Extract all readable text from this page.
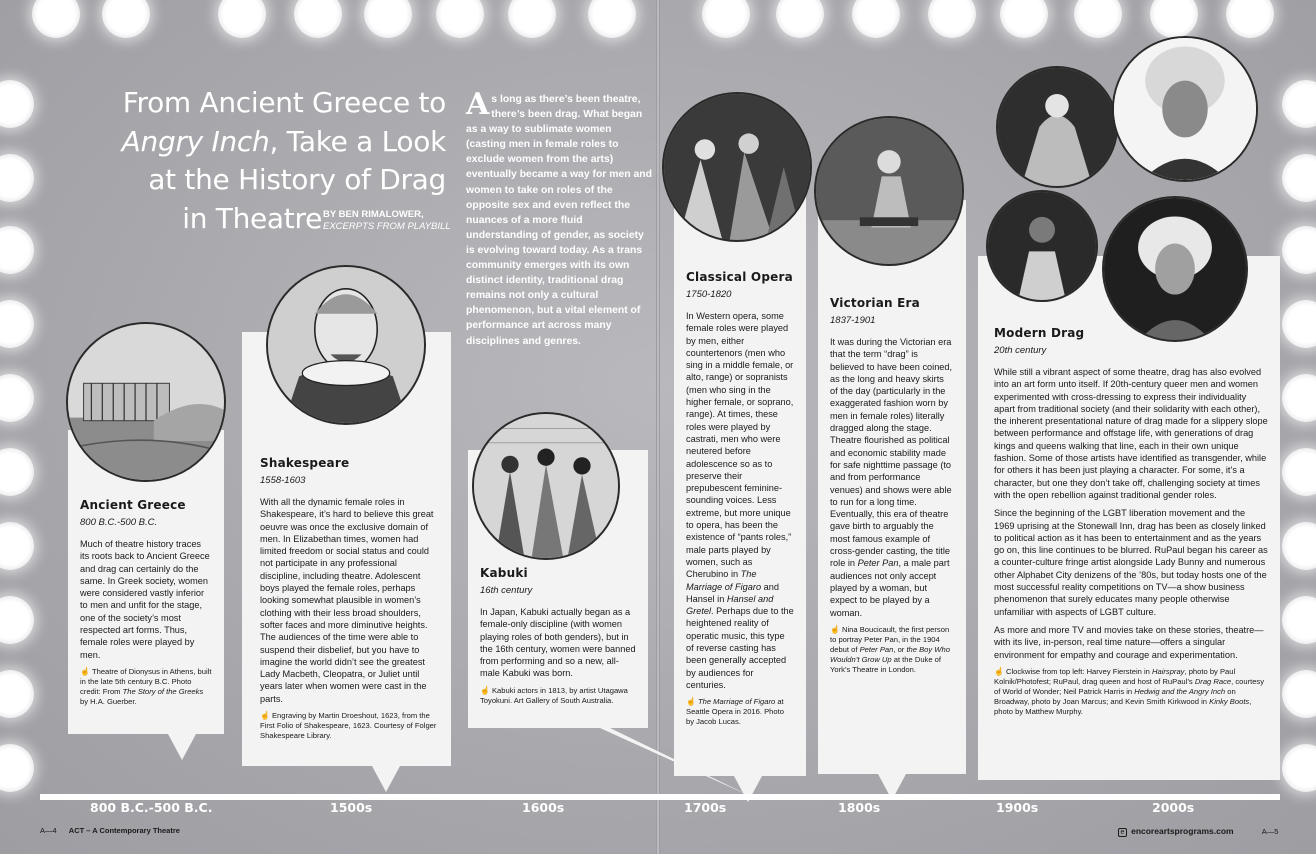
From Ancient Greece to
Angry Inch, Take a Look
at the History of Drag
in Theatre BY BEN RIMALOWER,
EXCERPTS FROM PLAYBILL
As long as there’s been theatre, there’s been drag. What began as a way to sublimate women (casting men in female roles to exclude women from the arts) eventually became a way for men and women to take on roles of the opposite sex and even reflect the nuances of a more fluid understanding of gender, as society is evolving toward today. As a trans community emerges with its own distinct identity, traditional drag remains not only a cultural phenomenon, but a vital element of performance art across many disciplines and genres.
Ancient Greece
800 B.C.-500 B.C.

Much of theatre history traces its roots back to Ancient Greece and drag can certainly do the same. In Greek society, women were considered vastly inferior to men and unfit for the stage, one of the society’s most respected art forms. Thus, female roles were played by men.

☝ Theatre of Dionysus in Athens, built in the late 5th century B.C. Photo credit: From The Story of the Greeks by H.A. Guerber.
Shakespeare
1558-1603

With all the dynamic female roles in Shakespeare, it’s hard to believe this great oeuvre was once the exclusive domain of men. In Elizabethan times, women had limited freedom or social status and could not participate in any professional discipline, including theatre. Adolescent boys played the female roles, perhaps looking somewhat plausible in women’s clothing with their less broad shoulders, softer faces and more diminutive heights. The audiences of the time were able to suspend their disbelief, but you have to imagine the world didn’t see the greatest Lady Macbeth, Cleopatra, or Juliet until years later when women were cast in the parts.

☝ Engraving by Martin Droeshout, 1623, from the First Folio of Shakespeare, 1623. Courtesy of Folger Shakespeare Library.
Kabuki
16th century

In Japan, Kabuki actually began as a female-only discipline (with women playing roles of both genders), but in the 16th century, women were banned from performing and so a new, all-male Kabuki was born.

☝ Kabuki actors in 1813, by artist Utagawa Toyokuni. Art Gallery of South Australia.
Classical Opera
1750-1820

In Western opera, some female roles were played by men, either countertenors (men who sing in a middle female, or alto, range) or sopranists (men who sing in the higher female, or soprano, range). At times, these roles were played by castrati, men who were neutered before adolescence so as to preserve their prepubescent feminine-sounding voices. Less extreme, but more unique to opera, has been the existence of “pants roles,” male parts played by women, such as Cherubino in The Marriage of Figaro and Hansel in Hansel and Gretel. Perhaps due to the heightened reality of operatic music, this type of reverse casting has been generally accepted by audiences for centuries.

☝ The Marriage of Figaro at Seattle Opera in 2016. Photo by Jacob Lucas.
Victorian Era
1837-1901

It was during the Victorian era that the term “drag” is believed to have been coined, as the long and heavy skirts of the day (particularly in the exaggerated fashion worn by men in female roles) literally dragged along the stage. Theatre flourished as political and economic stability made for safe nighttime passage (to and from performance venues) and shows were able to run for a long time. Eventually, this era of theatre gave birth to arguably the most famous example of cross-gender casting, the title role in Peter Pan, a male part audiences not only accept played by a woman, but expect to be played by a woman.

☝ Nina Boucicault, the first person to portray Peter Pan, in the 1904 debut of Peter Pan, or the Boy Who Wouldn’t Grow Up at the Duke of York’s Theatre in London.
Modern Drag
20th century

While still a vibrant aspect of some theatre, drag has also evolved into an art form unto itself. If 20th-century queer men and women experimented with cross-dressing to express their individuality apart from traditional society (and their solidarity with each other), the inherent presentational nature of drag made for a slippery slope between performance and offstage life, with generations of drag kings and queens walking that line, each in their own unique fashion. Some of those artists have identified as transgender, while for others it has been just playing a character. For some, it’s a character, but one they don’t take off, challenging society at times with the open rebellion against traditional gender roles.

Since the beginning of the LGBT liberation movement and the 1969 uprising at the Stonewall Inn, drag has been as closely linked to political action as it has been to entertainment and as the years go on, this line continues to be blurred. RuPaul began his career as a counter-culture fringe artist alongside Lady Bunny and numerous other Alphabet City denizens of the ’80s, but today hosts one of the most successful reality competitions on TV—a show business phenomenon that surely educates many people otherwise unfamiliar with aspects of LGBT culture.

As more and more TV and movies take on these stories, theatre—with its live, in-person, real time nature—offers a singular environment for empathy and courage and experimentation.

☝ Clockwise from top left: Harvey Fierstein in Hairspray, photo by Paul Kolnik/Photofest; RuPaul, drag queen and host of RuPaul’s Drag Race, courtesy of World of Wonder; Neil Patrick Harris in Hedwig and the Angry Inch on Broadway, photo by Joan Marcus; and Kevin Smith Kirkwood in Kinky Boots, photo by Matthew Murphy.
800 B.C.-500 B.C.	1500s	1600s	1700s	1800s	1900s	2000s
A—4 ACT – A Contemporary Theatre	e encoreartsprograms.com	A—5
